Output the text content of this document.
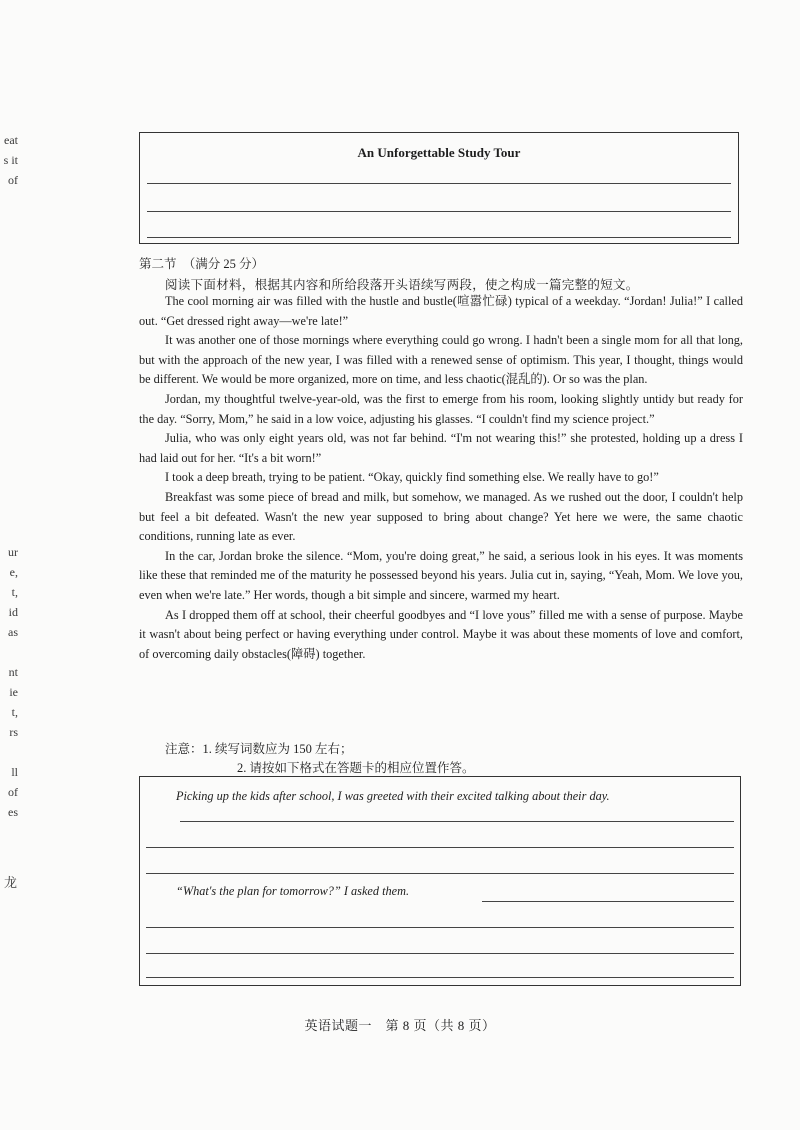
eat
s it
of
ur
e,
t,
id
as
nt
ie
t,
rs
ll
of
es
龙
An Unforgettable Study Tour
第二节　（满分 25 分）
阅读下面材料，根据其内容和所给段落开头语续写两段，使之构成一篇完整的短文。

The cool morning air was filled with the hustle and bustle(喧嚣忙碌) typical of a weekday. “Jordan! Julia!” I called out. “Get dressed right away—we're late!”

It was another one of those mornings where everything could go wrong. I hadn't been a single mom for all that long, but with the approach of the new year, I was filled with a renewed sense of optimism. This year, I thought, things would be different. We would be more organized, more on time, and less chaotic(混乱的). Or so was the plan.

Jordan, my thoughtful twelve-year-old, was the first to emerge from his room, looking slightly untidy but ready for the day. “Sorry, Mom,” he said in a low voice, adjusting his glasses. “I couldn't find my science project.”

Julia, who was only eight years old, was not far behind. “I'm not wearing this!” she protested, holding up a dress I had laid out for her. “It's a bit worn!”

I took a deep breath, trying to be patient. “Okay, quickly find something else. We really have to go!”

Breakfast was some piece of bread and milk, but somehow, we managed. As we rushed out the door, I couldn't help but feel a bit defeated. Wasn't the new year supposed to bring about change? Yet here we were, the same chaotic conditions, running late as ever.

In the car, Jordan broke the silence. “Mom, you're doing great,” he said, a serious look in his eyes. It was moments like these that reminded me of the maturity he possessed beyond his years. Julia cut in, saying, “Yeah, Mom. We love you, even when we're late.” Her words, though a bit simple and sincere, warmed my heart.

As I dropped them off at school, their cheerful goodbyes and “I love yous” filled me with a sense of purpose. Maybe it wasn't about being perfect or having everything under control. Maybe it was about these moments of love and comfort, of overcoming daily obstacles(障碍) together.

注意：1. 续写词数应为 150 左右；
2. 请按如下格式在答题卡的相应位置作答。
Picking up the kids after school, I was greeted with their excited talking about their day.
“What's the plan for tomorrow?” I asked them.
英语试题一　第 8 页（共 8 页）
